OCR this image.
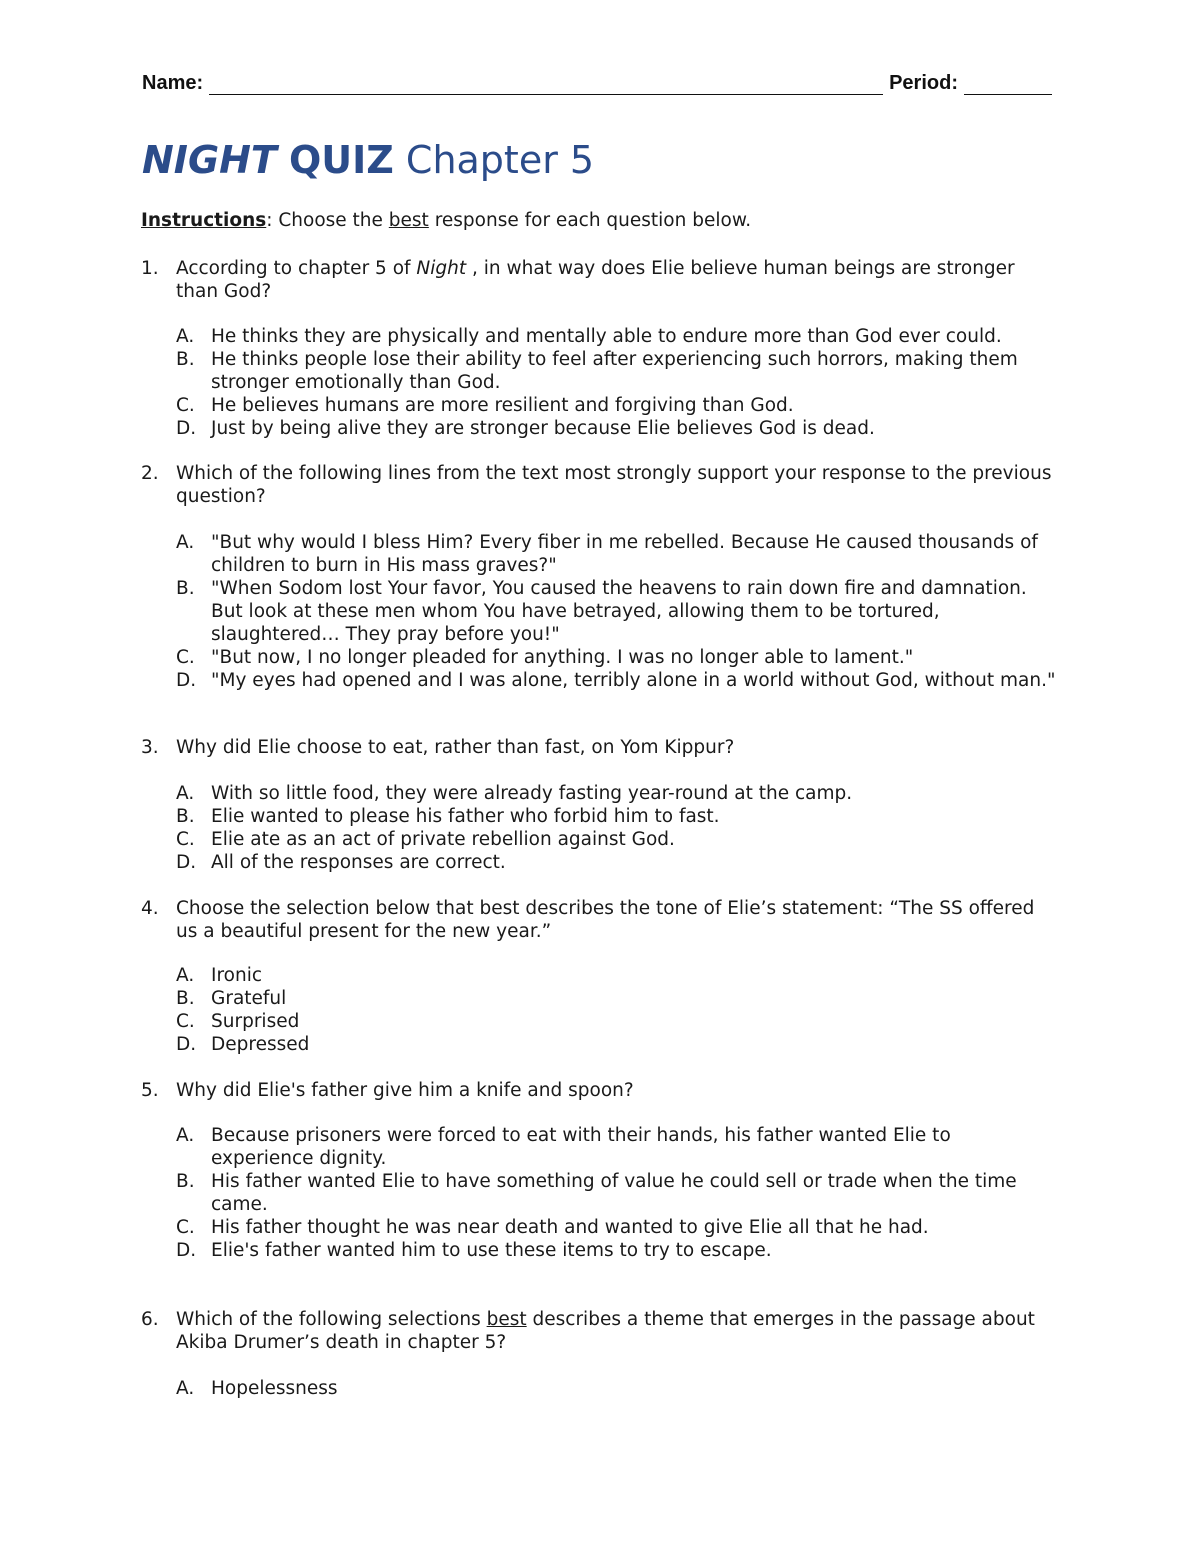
Name:	Period:
NIGHT QUIZ Chapter 5
Instructions: Choose the best response for each question below.
1. According to chapter 5 of Night , in what way does Elie believe human beings are stronger than God?
A. He thinks they are physically and mentally able to endure more than God ever could.
B. He thinks people lose their ability to feel after experiencing such horrors, making them stronger emotionally than God.
C. He believes humans are more resilient and forgiving than God.
D. Just by being alive they are stronger because Elie believes God is dead.
2. Which of the following lines from the text most strongly support your response to the previous question?
A. "But why would I bless Him? Every fiber in me rebelled. Because He caused thousands of children to burn in His mass graves?"
B. "When Sodom lost Your favor, You caused the heavens to rain down fire and damnation. But look at these men whom You have betrayed, allowing them to be tortured, slaughtered… They pray before you!"
C. "But now, I no longer pleaded for anything. I was no longer able to lament."
D. "My eyes had opened and I was alone, terribly alone in a world without God, without man."
3. Why did Elie choose to eat, rather than fast, on Yom Kippur?
A. With so little food, they were already fasting year-round at the camp.
B. Elie wanted to please his father who forbid him to fast.
C. Elie ate as an act of private rebellion against God.
D. All of the responses are correct.
4. Choose the selection below that best describes the tone of Elie’s statement: “The SS offered us a beautiful present for the new year.”
A. Ironic
B. Grateful
C. Surprised
D. Depressed
5. Why did Elie's father give him a knife and spoon?
A. Because prisoners were forced to eat with their hands, his father wanted Elie to experience dignity.
B. His father wanted Elie to have something of value he could sell or trade when the time came.
C. His father thought he was near death and wanted to give Elie all that he had.
D. Elie's father wanted him to use these items to try to escape.
6. Which of the following selections best describes a theme that emerges in the passage about Akiba Drumer’s death in chapter 5?
A. Hopelessness
